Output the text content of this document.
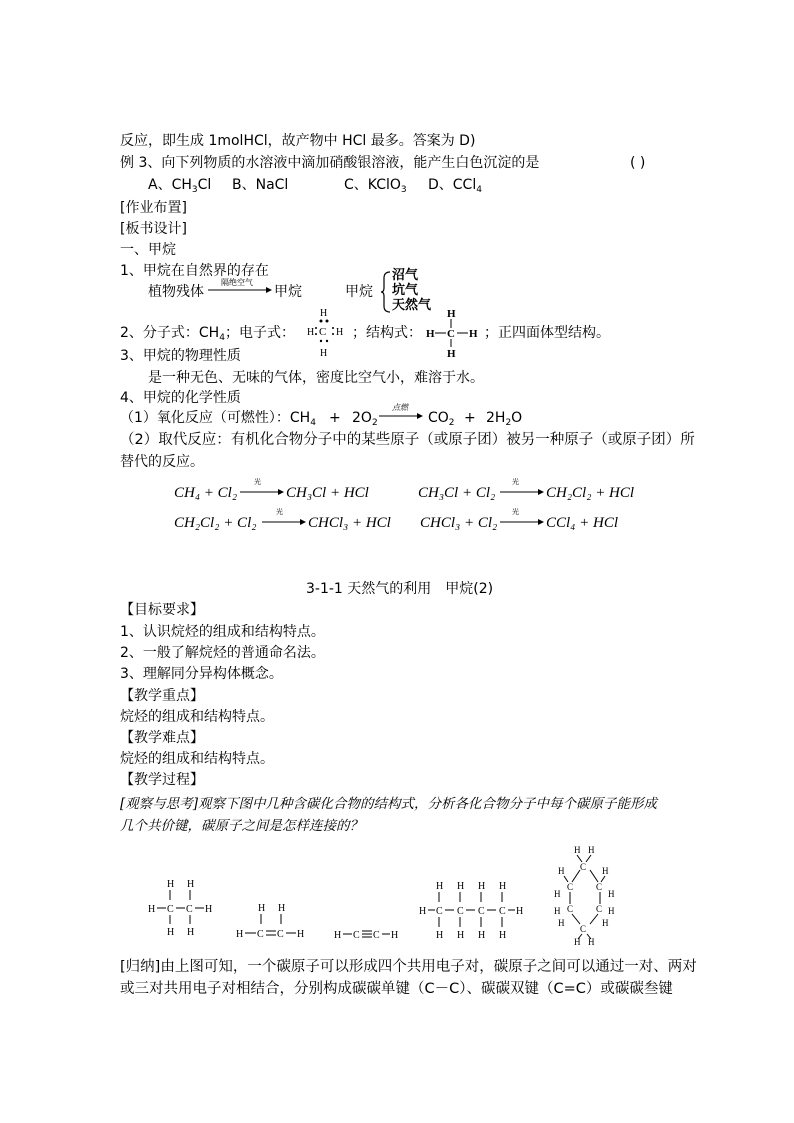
反应，即生成 1molHCl，故产物中 HCl 最多。答案为 D)
例 3、向下列物质的水溶液中滴加硝酸银溶液，能产生白色沉淀的是	( )
A、$CH_3Cl$ B、NaCl	C、KClO$_3$ D、CCl$_4$
[作业布置]
[板书设计]
一、甲烷
1、甲烷在自然界的存在
植物残体
隔绝空气
甲烷	甲烷
沼气
坑气
天然气
2、分子式：$CH_4$；电子式：
H
H C H
H
；结构式：
H
H C H
H
；正四面体型结构。
3、甲烷的物理性质
是一种无色、无味的气体，密度比空气小，难溶于水。
4、甲烷的化学性质
（1）氧化反应（可燃性）：$CH_4 + 2O_2$
点燃
$CO_2 + 2H_2O$
（2）取代反应：有机化合物分子中的某些原子（或原子团）被另一种原子（或原子团）所
替代的反应。
CH₄ + Cl₂
光
CH₃Cl + HCl	CH₃Cl + Cl₂
光
CH₂Cl₂ + HCl
CH₂Cl₂ + Cl₂
光
CHCl₃ + HCl CHCl₃ + Cl₂
光
CCl₄ + HCl
3-1-1 天然气的利用　甲烷(2)
【目标要求】
1、认识烷烃的组成和结构特点。
2、一般了解烷烃的普通命名法。
3、理解同分异构体概念。
【教学重点】
烷烃的组成和结构特点。
【教学难点】
烷烃的组成和结构特点。
【教学过程】
[观察与思考]观察下图中几种含碳化合物的结构式，分析各化合物分子中每个碳原子能形成
几个共价键，碳原子之间是怎样连接的？
H H
H C C H
H H
H H
H C C H	H C C H
H H H H
H C C C C H
H H H H
H H
C
H	H
C	C
H	H
C	C
H	H
H	H
C
H H
[归纳]由上图可知，一个碳原子可以形成四个共用电子对，碳原子之间可以通过一对、两对
或三对共用电子对相结合，分别构成碳碳单键（C－C）、碳碳双键（C=C）或碳碳叁键
